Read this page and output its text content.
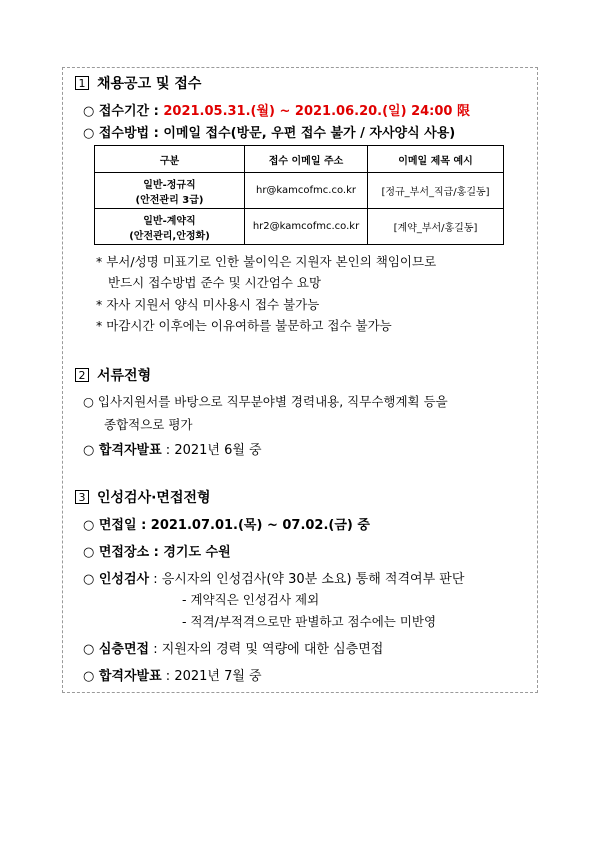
1 채용공고 및 접수
○ 접수기간 : 2021.05.31.(월) ~ 2021.06.20.(일) 24:00 限
○ 접수방법 : 이메일 접수(방문, 우편 접수 불가 / 자사양식 사용)
구분	접수 이메일 주소	이메일 제목 예시
일반-정규직
(안전관리 3급)	hr@kamcofmc.co.kr	[정규_부서_직급/홍길동]
일반-계약직
(안전관리,안정화)	hr2@kamcofmc.co.kr	[계약_부서/홍길동]
* 부서/성명 미표기로 인한 불이익은 지원자 본인의 책임이므로
반드시 접수방법 준수 및 시간엄수 요망
* 자사 지원서 양식 미사용시 접수 불가능
* 마감시간 이후에는 이유여하를 불문하고 접수 불가능
2 서류전형
○ 입사지원서를 바탕으로 직무분야별 경력내용, 직무수행계획 등을
종합적으로 평가
○ 합격자발표 : 2021년 6월 중
3 인성검사·면접전형
○ 면접일 : 2021.07.01.(목) ~ 07.02.(금) 중
○ 면접장소 : 경기도 수원
○ 인성검사 : 응시자의 인성검사(약 30분 소요) 통해 적격여부 판단
- 계약직은 인성검사 제외
- 적격/부적격으로만 판별하고 점수에는 미반영
○ 심층면접 : 지원자의 경력 및 역량에 대한 심층면접
○ 합격자발표 : 2021년 7월 중
